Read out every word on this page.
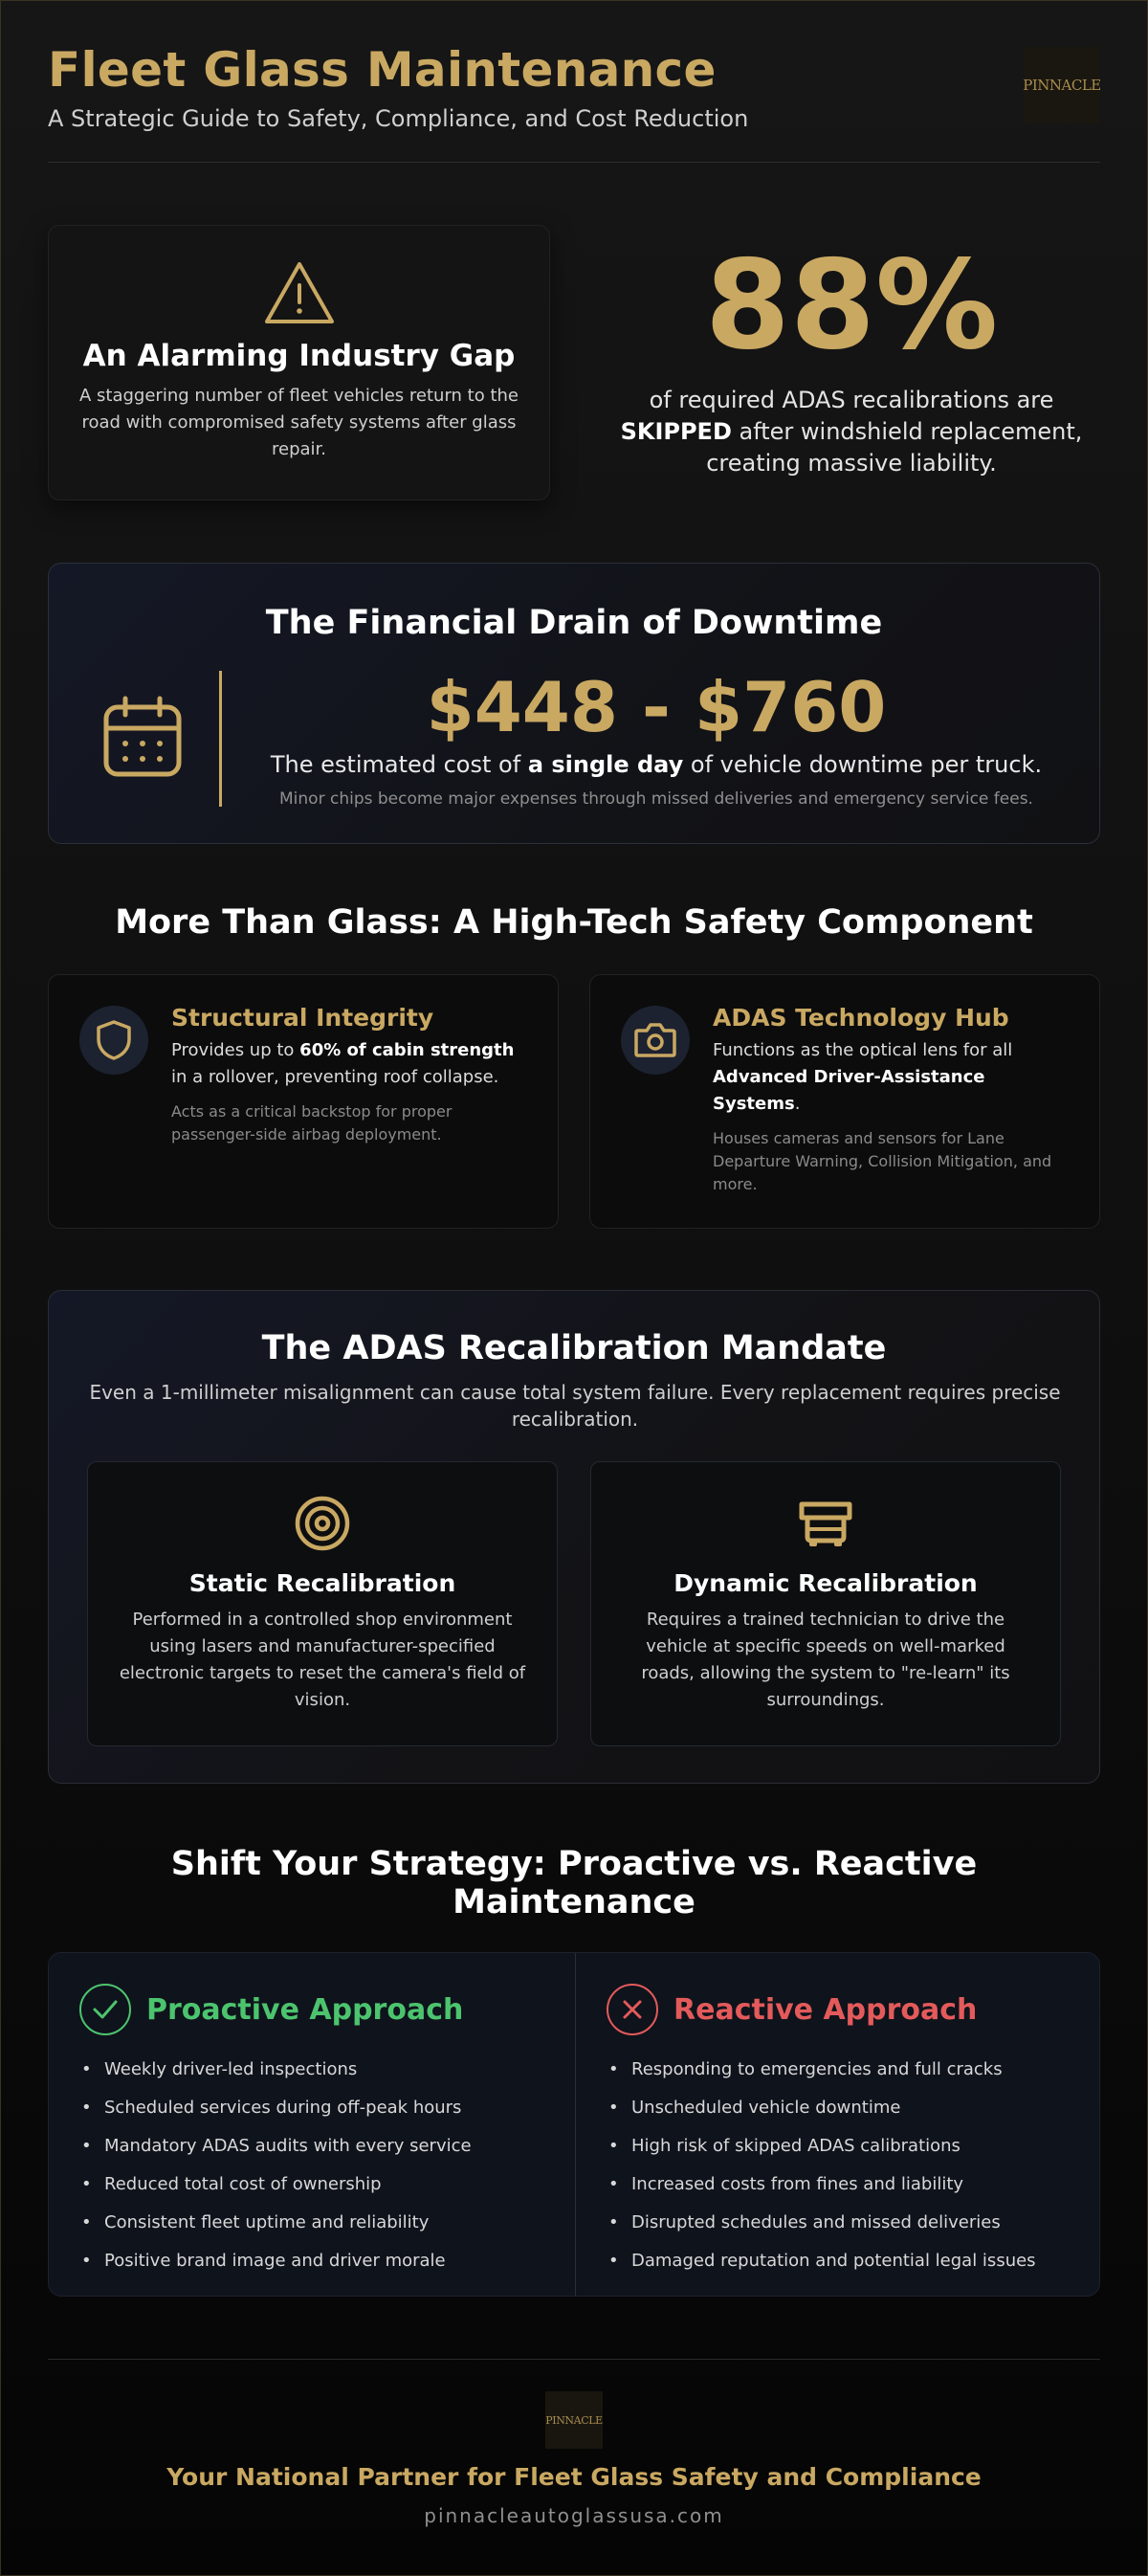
Fleet Glass Maintenance
A Strategic Guide to Safety, Compliance, and Cost Reduction
PINNACLE
An Alarming Industry Gap
A staggering number of fleet vehicles return to the road with compromised safety systems after glass repair.
88%
of required ADAS recalibrations are
SKIPPED after windshield replacement, creating massive liability.
The Financial Drain of Downtime
$448 - $760
The estimated cost of a single day of vehicle downtime per truck.
Minor chips become major expenses through missed deliveries and emergency service fees.
More Than Glass: A High-Tech Safety Component
Structural Integrity
Provides up to 60% of cabin strength in a rollover, preventing roof collapse.
Acts as a critical backstop for proper passenger-side airbag deployment.
ADAS Technology Hub
Functions as the optical lens for all Advanced Driver-Assistance Systems.
Houses cameras and sensors for Lane Departure Warning, Collision Mitigation, and more.
The ADAS Recalibration Mandate
Even a 1-millimeter misalignment can cause total system failure. Every replacement requires precise recalibration.
Static Recalibration
Performed in a controlled shop environment using lasers and manufacturer-specified electronic targets to reset the camera's field of vision.
Dynamic Recalibration
Requires a trained technician to drive the vehicle at specific speeds on well-marked roads, allowing the system to "re-learn" its surroundings.
Shift Your Strategy: Proactive vs. Reactive Maintenance
Proactive Approach
• Weekly driver-led inspections
• Scheduled services during off-peak hours
• Mandatory ADAS audits with every service
• Reduced total cost of ownership
• Consistent fleet uptime and reliability
• Positive brand image and driver morale
Reactive Approach
• Responding to emergencies and full cracks
• Unscheduled vehicle downtime
• High risk of skipped ADAS calibrations
• Increased costs from fines and liability
• Disrupted schedules and missed deliveries
• Damaged reputation and potential legal issues
PINNACLE
Your National Partner for Fleet Glass Safety and Compliance
pinnacleautoglassusa.com
